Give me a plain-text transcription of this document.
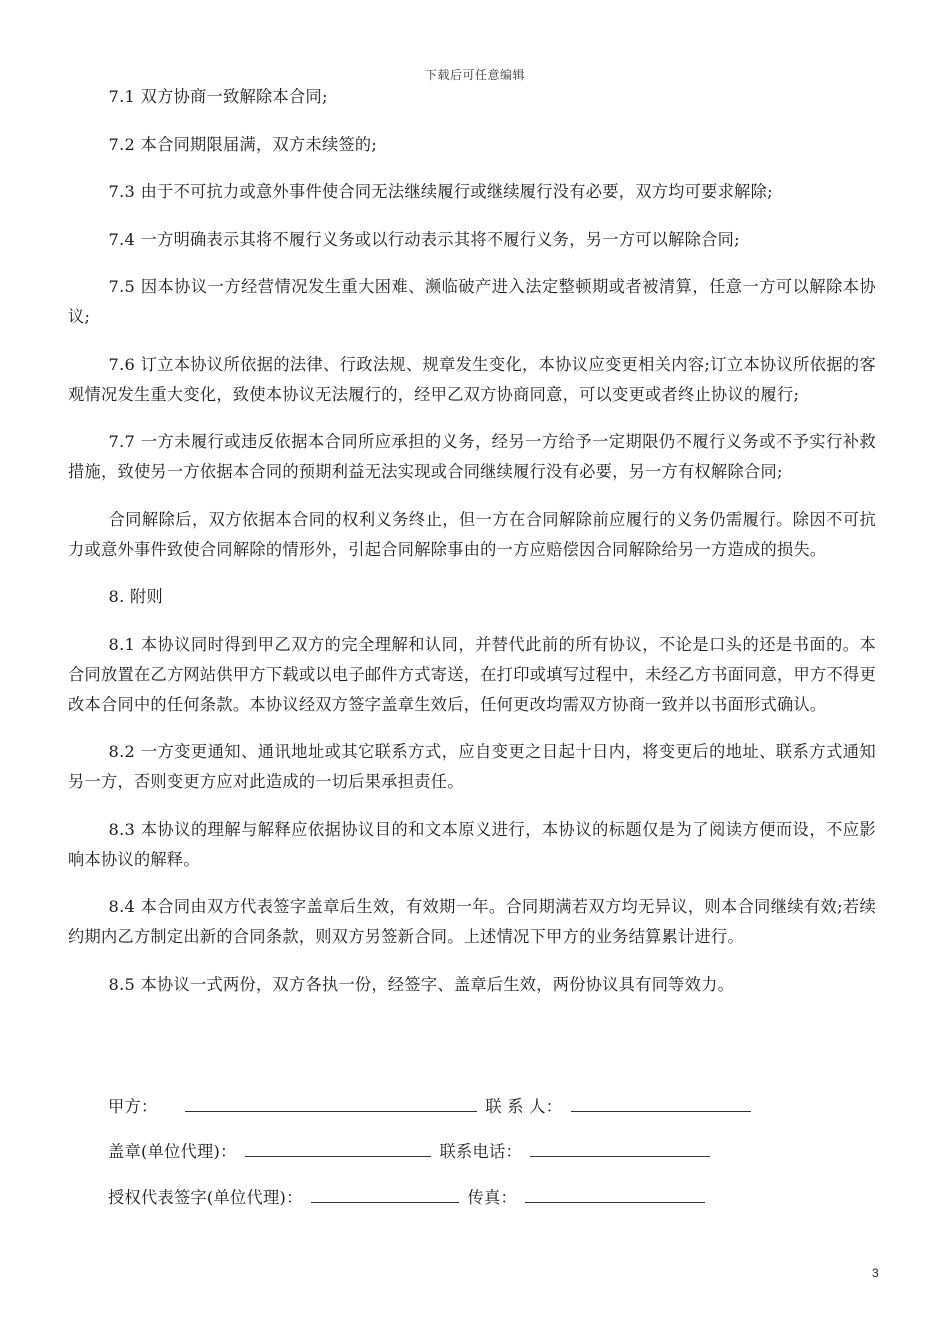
下载后可任意编辑

7.1 双方协商一致解除本合同;

7.2 本合同期限届满，双方未续签的;

7.3 由于不可抗力或意外事件使合同无法继续履行或继续履行没有必要，双方均可要求解除;

7.4 一方明确表示其将不履行义务或以行动表示其将不履行义务，另一方可以解除合同;

7.5 因本协议一方经营情况发生重大困难、濒临破产进入法定整顿期或者被清算，任意一方可以解除本协议;

7.6 订立本协议所依据的法律、行政法规、规章发生变化，本协议应变更相关内容;订立本协议所依据的客观情况发生重大变化，致使本协议无法履行的，经甲乙双方协商同意，可以变更或者终止协议的履行;

7.7 一方未履行或违反依据本合同所应承担的义务，经另一方给予一定期限仍不履行义务或不予实行补救措施，致使另一方依据本合同的预期利益无法实现或合同继续履行没有必要，另一方有权解除合同;

合同解除后，双方依据本合同的权利义务终止，但一方在合同解除前应履行的义务仍需履行。除因不可抗力或意外事件致使合同解除的情形外，引起合同解除事由的一方应赔偿因合同解除给另一方造成的损失。

8. 附则

8.1 本协议同时得到甲乙双方的完全理解和认同，并替代此前的所有协议，不论是口头的还是书面的。本合同放置在乙方网站供甲方下载或以电子邮件方式寄送，在打印或填写过程中，未经乙方书面同意，甲方不得更改本合同中的任何条款。本协议经双方签字盖章生效后，任何更改均需双方协商一致并以书面形式确认。

8.2 一方变更通知、通讯地址或其它联系方式，应自变更之日起十日内，将变更后的地址、联系方式通知另一方，否则变更方应对此造成的一切后果承担责任。

8.3 本协议的理解与解释应依据协议目的和文本原义进行，本协议的标题仅是为了阅读方便而设，不应影响本协议的解释。

8.4 本合同由双方代表签字盖章后生效，有效期一年。合同期满若双方均无异议，则本合同继续有效;若续约期内乙方制定出新的合同条款，则双方另签新合同。上述情况下甲方的业务结算累计进行。

8.5 本协议一式两份，双方各执一份，经签字、盖章后生效，两份协议具有同等效力。

甲方：	联 系 人：
盖章(单位代理)：	联系电话：
授权代表签字(单位代理)：	传真：
3
